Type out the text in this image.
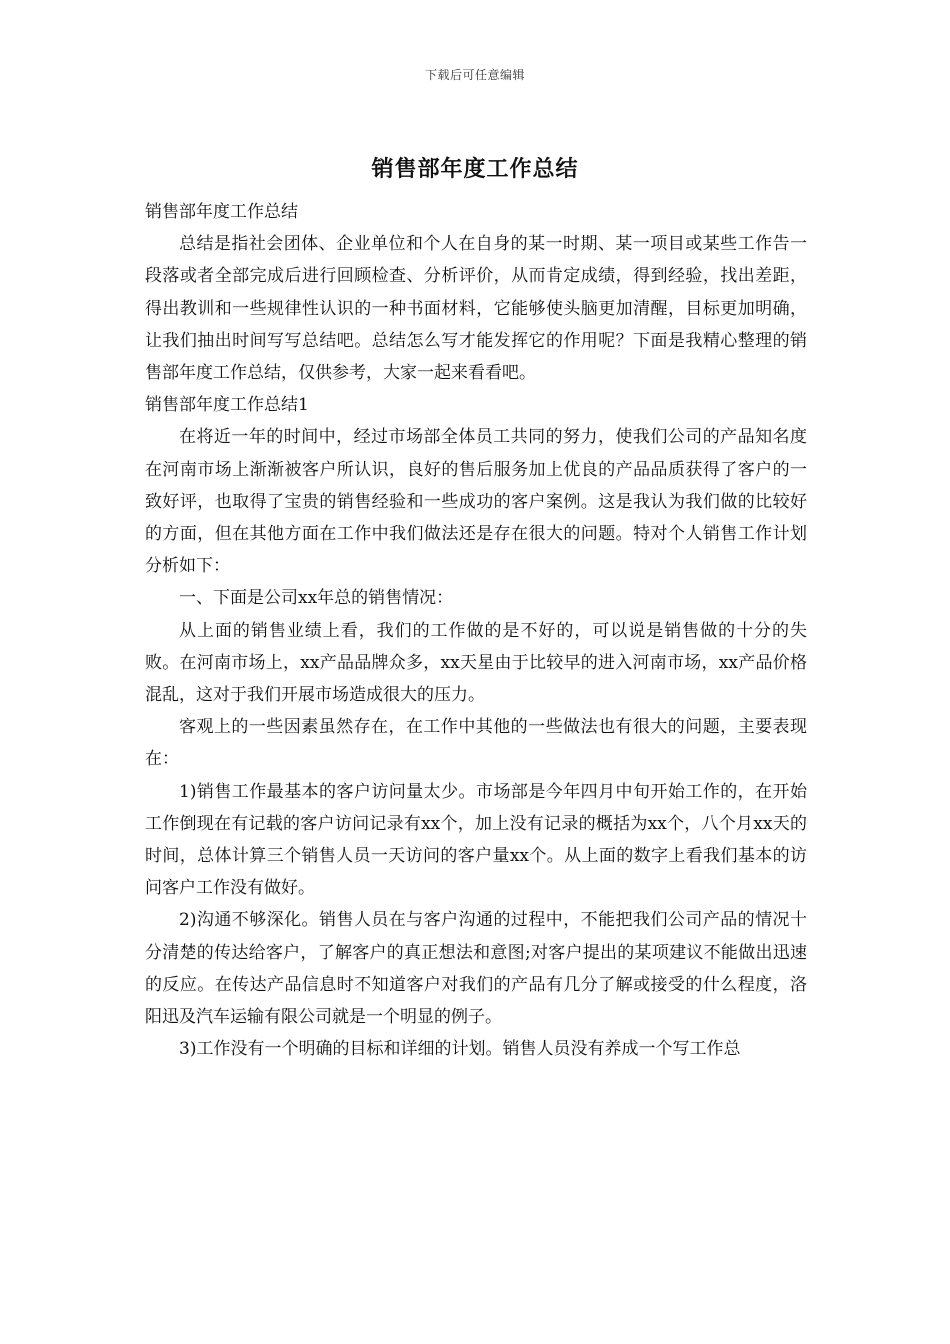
下载后可任意编辑
销售部年度工作总结

销售部年度工作总结

总结是指社会团体、企业单位和个人在自身的某一时期、某一项目或某些工作告一段落或者全部完成后进行回顾检查、分析评价，从而肯定成绩，得到经验，找出差距，得出教训和一些规律性认识的一种书面材料，它能够使头脑更加清醒，目标更加明确，让我们抽出时间写写总结吧。总结怎么写才能发挥它的作用呢？下面是我精心整理的销售部年度工作总结，仅供参考，大家一起来看看吧。

销售部年度工作总结1

在将近一年的时间中，经过市场部全体员工共同的努力，使我们公司的产品知名度在河南市场上渐渐被客户所认识，良好的售后服务加上优良的产品品质获得了客户的一致好评，也取得了宝贵的销售经验和一些成功的客户案例。这是我认为我们做的比较好的方面，但在其他方面在工作中我们做法还是存在很大的问题。特对个人销售工作计划分析如下：

一、下面是公司xx年总的销售情况：

从上面的销售业绩上看，我们的工作做的是不好的，可以说是销售做的十分的失败。在河南市场上，xx产品品牌众多，xx天星由于比较早的进入河南市场，xx产品价格混乱，这对于我们开展市场造成很大的压力。

客观上的一些因素虽然存在，在工作中其他的一些做法也有很大的问题，主要表现在：

1)销售工作最基本的客户访问量太少。市场部是今年四月中旬开始工作的，在开始工作倒现在有记载的客户访问记录有xx个，加上没有记录的概括为xx个，八个月xx天的时间，总体计算三个销售人员一天访问的客户量xx个。从上面的数字上看我们基本的访问客户工作没有做好。

2)沟通不够深化。销售人员在与客户沟通的过程中，不能把我们公司产品的情况十分清楚的传达给客户，了解客户的真正想法和意图;对客户提出的某项建议不能做出迅速的反应。在传达产品信息时不知道客户对我们的产品有几分了解或接受的什么程度，洛阳迅及汽车运输有限公司就是一个明显的例子。

3)工作没有一个明确的目标和详细的计划。销售人员没有养成一个写工作总
